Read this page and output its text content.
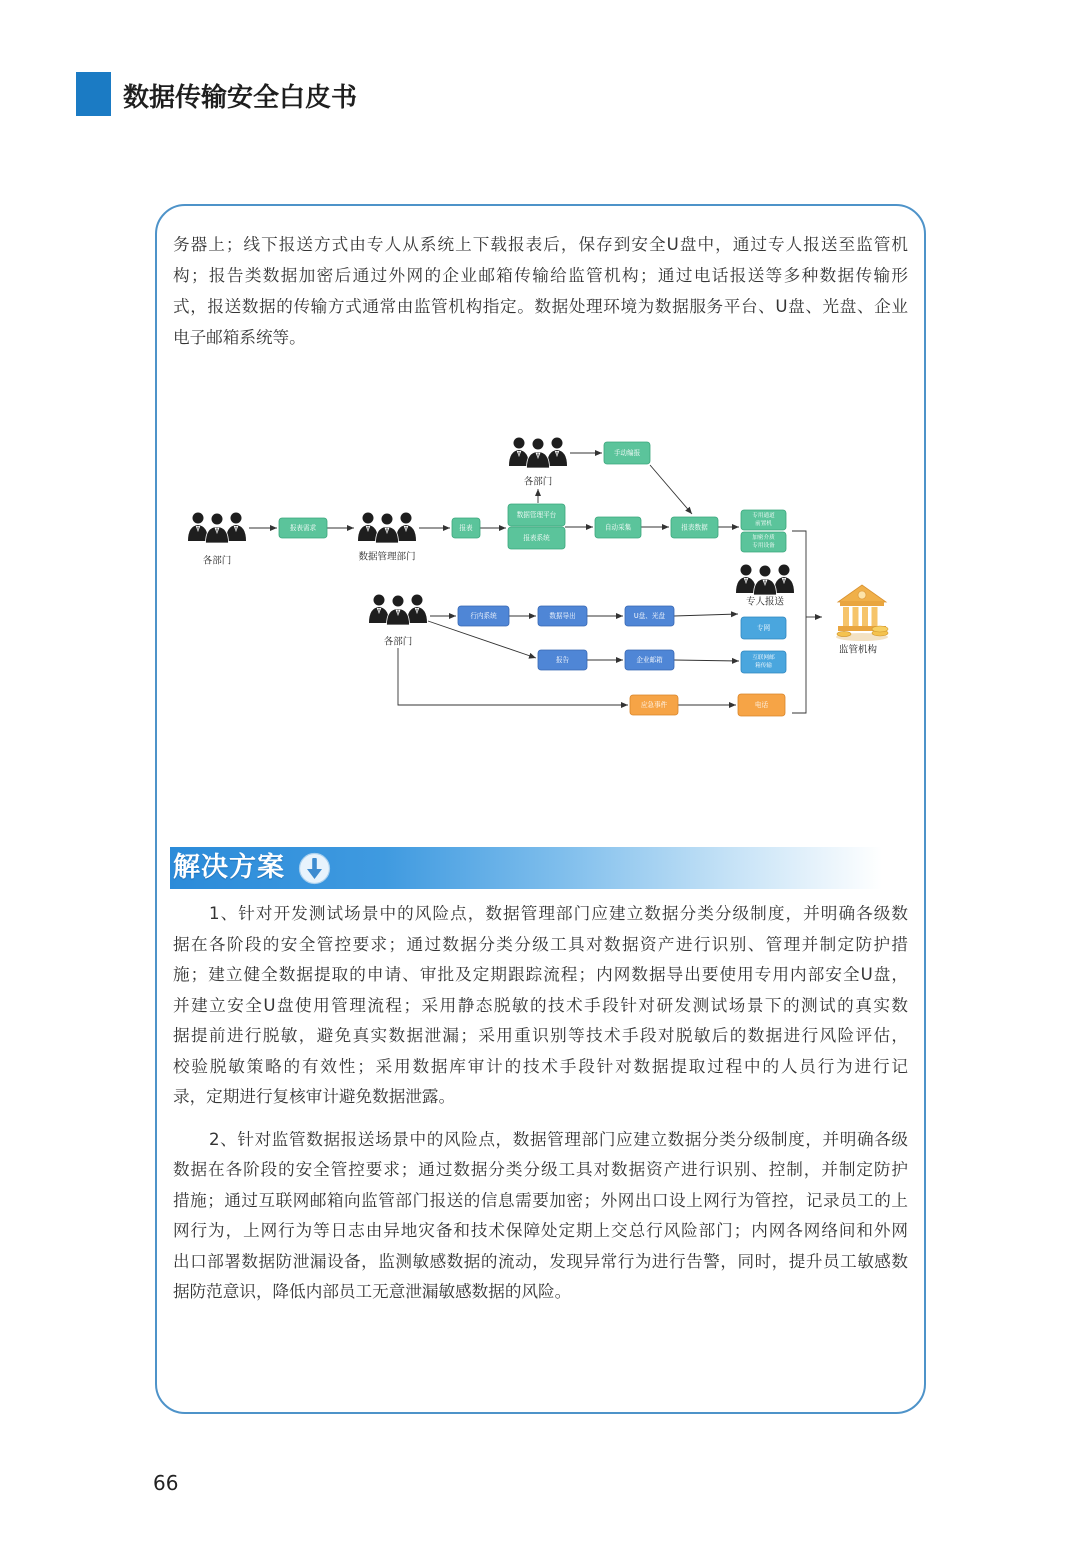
数据传输安全白皮书
务器上；线下报送方式由专人从系统上下载报表后，保存到安全U盘中，通过专人报送至监管机
构；报告类数据加密后通过外网的企业邮箱传输给监管机构；通过电话报送等多种数据传输形
式，报送数据的传输方式通常由监管机构指定。数据处理环境为数据服务平台、U盘、光盘、企业
电子邮箱系统等。
各部门
各部门	数据管理部门
各部门
专人报送
手动编报
报表需求	报表
数据管理平台
报表系统
自动采集	报表数据
专用通道
前置机
加密介质
专用设备
行内系统	数据导出	U盘、光盘
报告	企业邮箱
专网
互联网邮
箱传输
应急事件	电话
监管机构
解决方案
1、针对开发测试场景中的风险点，数据管理部门应建立数据分类分级制度，并明确各级数
据在各阶段的安全管控要求；通过数据分类分级工具对数据资产进行识别、管理并制定防护措
施；建立健全数据提取的申请、审批及定期跟踪流程；内网数据导出要使用专用内部安全U盘，
并建立安全U盘使用管理流程；采用静态脱敏的技术手段针对研发测试场景下的测试的真实数
据提前进行脱敏，避免真实数据泄漏；采用重识别等技术手段对脱敏后的数据进行风险评估，
校验脱敏策略的有效性；采用数据库审计的技术手段针对数据提取过程中的人员行为进行记
录，定期进行复核审计避免数据泄露。
2、针对监管数据报送场景中的风险点，数据管理部门应建立数据分类分级制度，并明确各级
数据在各阶段的安全管控要求；通过数据分类分级工具对数据资产进行识别、控制，并制定防护
措施；通过互联网邮箱向监管部门报送的信息需要加密；外网出口设上网行为管控，记录员工的上
网行为，上网行为等日志由异地灾备和技术保障处定期上交总行风险部门；内网各网络间和外网
出口部署数据防泄漏设备，监测敏感数据的流动，发现异常行为进行告警，同时，提升员工敏感数
据防范意识，降低内部员工无意泄漏敏感数据的风险。
66
